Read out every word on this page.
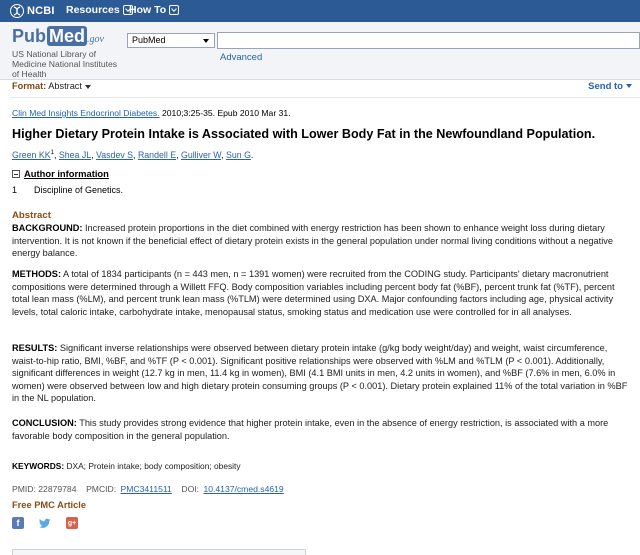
NCBI Resources How To
Pub Med .gov
US National Library of
Medicine National Institutes
of Health
PubMed
Advanced
Format: Abstract	Send to
Clin Med Insights Endocrinol Diabetes. 2010;3:25-35. Epub 2010 Mar 31.
Higher Dietary Protein Intake is Associated with Lower Body Fat in the Newfoundland Population.
Green $KK^1$, Shea JL, Vasdev S, Randell E, Gulliver W, Sun G.
Author information
1 Discipline of Genetics.
Abstract
BACKGROUND: Increased protein proportions in the diet combined with energy restriction has been shown to enhance weight loss during dietary intervention. It is not known if the beneficial effect of dietary protein exists in the general population under normal living conditions without a negative energy balance.
METHODS: A total of 1834 participants (n = 443 men, n = 1391 women) were recruited from the CODING study. Participants' dietary macronutrient compositions were determined through a Willett FFQ. Body composition variables including percent body fat (%BF), percent trunk fat (%TF), percent total lean mass (%LM), and percent trunk lean mass (%TLM) were determined using DXA. Major confounding factors including age, physical activity levels, total caloric intake, carbohydrate intake, menopausal status, smoking status and medication use were controlled for in all analyses.
RESULTS: Significant inverse relationships were observed between dietary protein intake (g/kg body weight/day) and weight, waist circumference, waist-to-hip ratio, BMI, %BF, and %TF (P < 0.001). Significant positive relationships were observed with %LM and %TLM (P < 0.001). Additionally, significant differences in weight (12.7 kg in men, 11.4 kg in women), BMI (4.1 BMI units in men, 4.2 units in women), and %BF (7.6% in men, 6.0% in women) were observed between low and high dietary protein consuming groups (P < 0.001). Dietary protein explained 11% of the total variation in %BF in the NL population.
CONCLUSION: This study provides strong evidence that higher protein intake, even in the absence of energy restriction, is associated with a more favorable body composition in the general population.
KEYWORDS: DXA; Protein intake; body composition; obesity
PMID: 22879784 PMCID: PMC3411511 DOI: 10.4137/cmed.s4619
Free PMC Article
f	g+
